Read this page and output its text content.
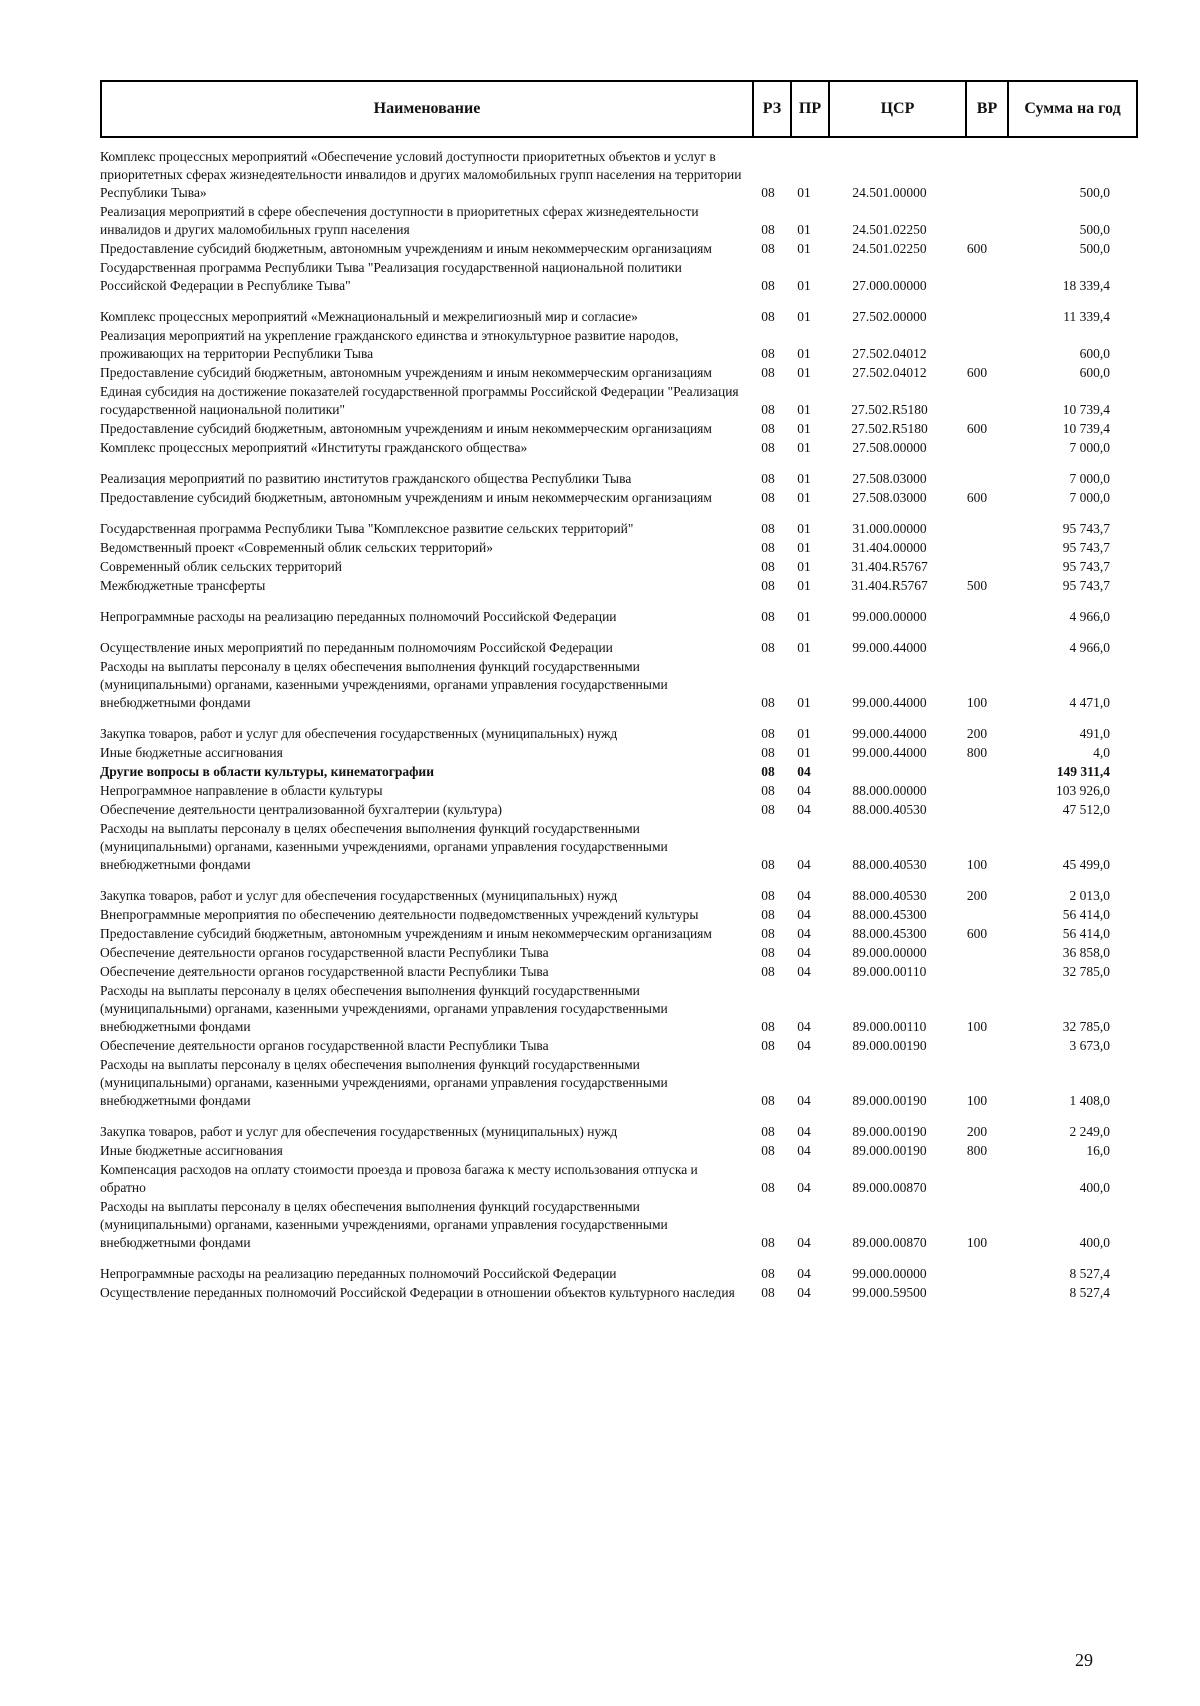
Наименование	РЗ	ПР	ЦСР	ВР	Сумма на год
Комплекс процессных мероприятий «Обеспечение условий доступности приоритетных объектов и услуг в приоритетных сферах жизнедеятельности инвалидов и других маломобильных групп населения на территории Республики Тыва»	08	01	24.501.00000	500,0
Реализация мероприятий в сфере обеспечения доступности в приоритетных сферах жизнедеятельности инвалидов и других маломобильных групп населения	08	01	24.501.02250	500,0
Предоставление субсидий бюджетным, автономным учреждениям и иным некоммерческим организациям	08	01	24.501.02250	600	500,0
Государственная программа Республики Тыва "Реализация государственной национальной политики Российской Федерации в Республике Тыва"	08	01	27.000.00000	18 339,4
Комплекс процессных мероприятий «Межнациональный и межрелигиозный мир и согласие»	08	01	27.502.00000	11 339,4
Реализация мероприятий на укрепление гражданского единства и этнокультурное развитие народов, проживающих на территории Республики Тыва	08	01	27.502.04012	600,0
Предоставление субсидий бюджетным, автономным учреждениям и иным некоммерческим организациям	08	01	27.502.04012	600	600,0
Единая субсидия на достижение показателей государственной программы Российской Федерации "Реализация государственной национальной политики"	08	01	27.502.R5180	10 739,4
Предоставление субсидий бюджетным, автономным учреждениям и иным некоммерческим организациям	08	01	27.502.R5180	600	10 739,4
Комплекс процессных мероприятий «Институты гражданского общества»	08	01	27.508.00000	7 000,0
Реализация мероприятий по развитию институтов гражданского общества Республики Тыва	08	01	27.508.03000	7 000,0
Предоставление субсидий бюджетным, автономным учреждениям и иным некоммерческим организациям	08	01	27.508.03000	600	7 000,0
Государственная программа Республики Тыва "Комплексное развитие сельских территорий"	08	01	31.000.00000	95 743,7
Ведомственный проект «Современный облик сельских территорий»	08	01	31.404.00000	95 743,7
Современный облик сельских территорий	08	01	31.404.R5767	95 743,7
Межбюджетные трансферты	08	01	31.404.R5767	500	95 743,7
Непрограммные расходы на реализацию переданных полномочий Российской Федерации	08	01	99.000.00000	4 966,0
Осуществление иных мероприятий по переданным полномочиям Российской Федерации	08	01	99.000.44000	4 966,0
Расходы на выплаты персоналу в целях обеспечения выполнения функций государственными (муниципальными) органами, казенными учреждениями, органами управления государственными внебюджетными фондами	08	01	99.000.44000	100	4 471,0
Закупка товаров, работ и услуг для обеспечения государственных (муниципальных) нужд	08	01	99.000.44000	200	491,0
Иные бюджетные ассигнования	08	01	99.000.44000	800	4,0
Другие вопросы в области культуры, кинематографии	08	04	149 311,4
Непрограммное направление в области культуры	08	04	88.000.00000	103 926,0
Обеспечение деятельности централизованной бухгалтерии (культура)	08	04	88.000.40530	47 512,0
Расходы на выплаты персоналу в целях обеспечения выполнения функций государственными (муниципальными) органами, казенными учреждениями, органами управления государственными внебюджетными фондами	08	04	88.000.40530	100	45 499,0
Закупка товаров, работ и услуг для обеспечения государственных (муниципальных) нужд	08	04	88.000.40530	200	2 013,0
Внепрограммные мероприятия по обеспечению деятельности подведомственных учреждений культуры	08	04	88.000.45300	56 414,0
Предоставление субсидий бюджетным, автономным учреждениям и иным некоммерческим организациям	08	04	88.000.45300	600	56 414,0
Обеспечение деятельности органов государственной власти Республики Тыва	08	04	89.000.00000	36 858,0
Обеспечение деятельности органов государственной власти Республики Тыва	08	04	89.000.00110	32 785,0
Расходы на выплаты персоналу в целях обеспечения выполнения функций государственными (муниципальными) органами, казенными учреждениями, органами управления государственными внебюджетными фондами	08	04	89.000.00110	100	32 785,0
Обеспечение деятельности органов государственной власти Республики Тыва	08	04	89.000.00190	3 673,0
Расходы на выплаты персоналу в целях обеспечения выполнения функций государственными (муниципальными) органами, казенными учреждениями, органами управления государственными внебюджетными фондами	08	04	89.000.00190	100	1 408,0
Закупка товаров, работ и услуг для обеспечения государственных (муниципальных) нужд	08	04	89.000.00190	200	2 249,0
Иные бюджетные ассигнования	08	04	89.000.00190	800	16,0
Компенсация расходов на оплату стоимости проезда и провоза багажа к месту использования отпуска и обратно	08	04	89.000.00870	400,0
Расходы на выплаты персоналу в целях обеспечения выполнения функций государственными (муниципальными) органами, казенными учреждениями, органами управления государственными внебюджетными фондами	08	04	89.000.00870	100	400,0
Непрограммные расходы на реализацию переданных полномочий Российской Федерации	08	04	99.000.00000	8 527,4
Осуществление переданных полномочий Российской Федерации в отношении объектов культурного наследия	08	04	99.000.59500	8 527,4
29
